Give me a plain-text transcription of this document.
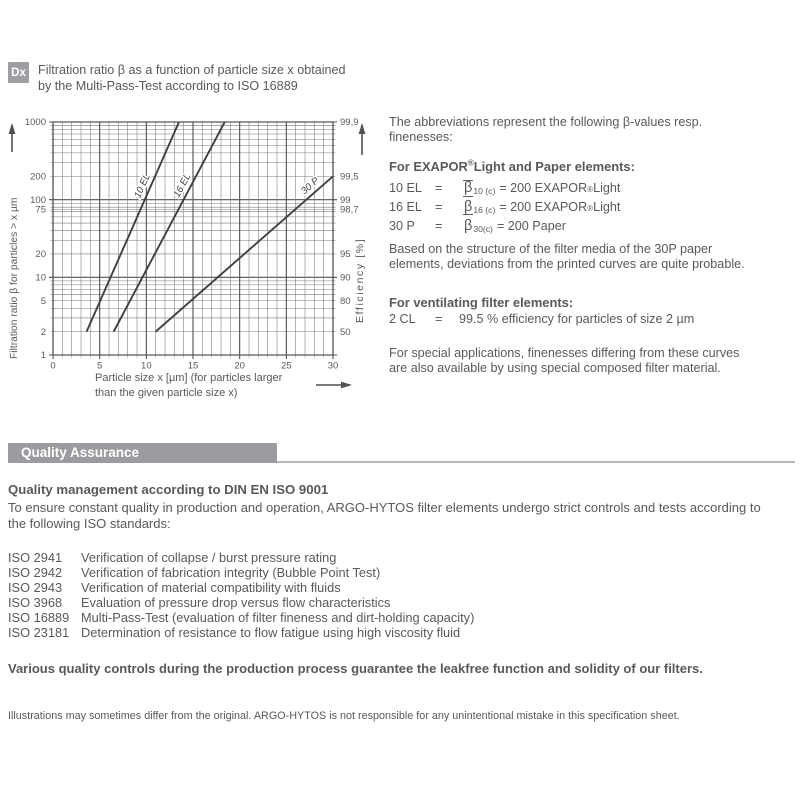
Dx Filtration ratio β as a function of particle size x obtained
by the Multi-Pass-Test according to ISO 16889
1000
200
100
75
20
10
5
2
1
99,9
99,5
99
98,7
95
90
80
50
0	5	10	15	20	25	30
10 EL 16 EL	30 P
Filtration ratio β for particles > x µm	Efficiency [%]
Particle size x [µm] (for particles larger
than the given particle size x)
The abbreviations represent the following β-values resp.
finenesses:
For EXAPOR®Light and Paper elements:
10 EL	=	β 10 (c) = 200 EXAPOR ® Light
16 EL	=	β 16 (c) = 200 EXAPOR ® Light
30 P	=	β 30(c) = 200 Paper
Based on the structure of the filter media of the 30P paper
elements, deviations from the printed curves are quite probable.
For ventilating filter elements:
2 CL	=	99.5 % efficiency for particles of size 2 µm
For special applications, finenesses differing from these curves
are also available by using special composed filter material.
Quality Assurance
Quality management according to DIN EN ISO 9001
To ensure constant quality in production and operation, ARGO-HYTOS filter elements undergo strict controls and tests according to
the following ISO standards:
ISO 2941	Verification of collapse / burst pressure rating
ISO 2942	Verification of fabrication integrity (Bubble Point Test)
ISO 2943	Verification of material compatibility with fluids
ISO 3968	Evaluation of pressure drop versus flow characteristics
ISO 16889 Multi-Pass-Test (evaluation of filter fineness and dirt-holding capacity)
ISO 23181 Determination of resistance to flow fatigue using high viscosity fluid
Various quality controls during the production process guarantee the leakfree function and solidity of our filters.
Illustrations may sometimes differ from the original. ARGO-HYTOS is not responsible for any unintentional mistake in this specification sheet.
